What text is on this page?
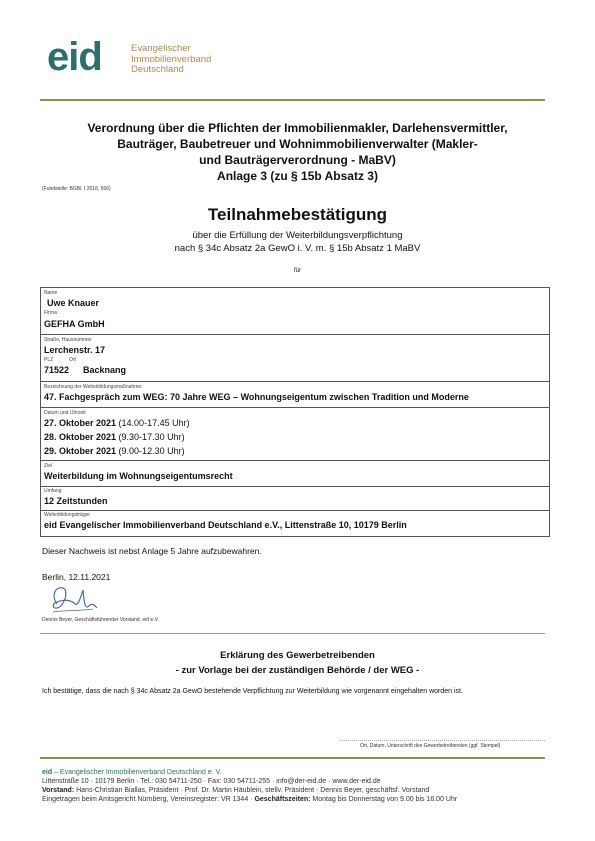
eid	Evangelischer
Immobilienverband
Deutschland
Verordnung über die Pflichten der Immobilienmakler, Darlehensvermittler,
Bauträger, Baubetreuer und Wohnimmobilienverwalter (Makler-
und Bauträgerverordnung - MaBV)
Anlage 3 (zu § 15b Absatz 3)
(Fundstelle: BGBl. I 2018, 556)
Teilnahmebestätigung
über die Erfüllung der Weiterbildungsverpflichtung
nach § 34c Absatz 2a GewO i. V. m. § 15b Absatz 1 MaBV
für
Name
Uwe Knauer
Firma:
GEFHA GmbH
Straße, Hausnummer
Lerchenstr. 17
PLZ	Ort
71522 Backnang
Bezeichnung der Weiterbildungsmaßnahme:
47. Fachgespräch zum WEG: 70 Jahre WEG – Wohnungseigentum zwischen Tradition und Moderne
Datum und Uhrzeit
27. Oktober 2021 (14.00-17.45 Uhr)
28. Oktober 2021 (9.30-17.30 Uhr)
29. Oktober 2021 (9.00-12.30 Uhr)
Ziel
Weiterbildung im Wohnungseigentumsrecht
Umfang
12 Zeitstunden
Weiterbildungsträger
eid Evangelischer Immobilienverband Deutschland e.V., Littenstraße 10, 10179 Berlin
Dieser Nachweis ist nebst Anlage 5 Jahre aufzubewahren.
Berlin, 12.11.2021
Dennis Beyer, Geschäftsführender Vorstand, eid e.V.
Erklärung des Gewerbetreibenden
- zur Vorlage bei der zuständigen Behörde / der WEG -
Ich bestätige, dass die nach § 34c Absatz 2a GewO bestehende Verpflichtung zur Weiterbildung wie vorgenannt eingehalten worden ist.
Ort, Datum, Unterschrift des Gewerbetreibenden (ggf. Stempel)
eid – Evangelischer Immobilienverband Deutschland e. V.
Littenstraße 10 · 10179 Berlin · Tel.: 030 54711-250 · Fax: 030 54711-255 · info@der-eid.de · www.der-eid.de
Vorstand: Hans-Christian Biallas, Präsident · Prof. Dr. Martin Häublein, stellv. Präsident · Dennis Beyer, geschäftsf. Vorstand
Eingetragen beim Amtsgericht Nürnberg, Vereinsregister: VR 1344 · Geschäftszeiten: Montag bis Donnerstag von 9.00 bis 16.00 Uhr
